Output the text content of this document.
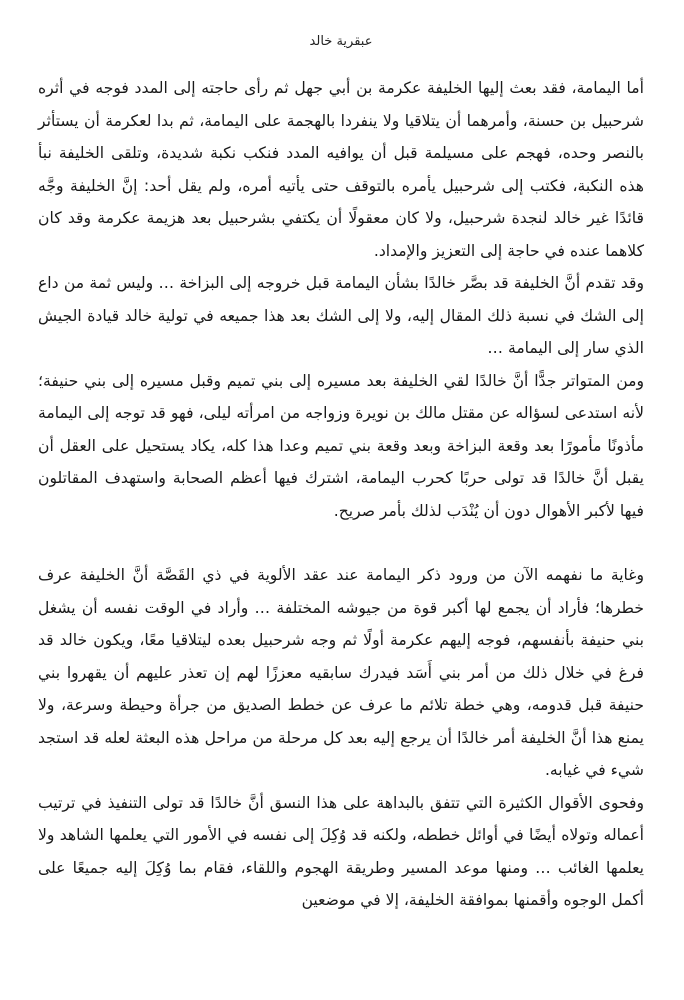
عبقرية خالد

أما اليمامة، فقد بعث إليها الخليفة عكرمة بن أبي جهل ثم رأى حاجته إلى المدد فوجه في أثره شرحبيل بن حسنة، وأمرهما أن يتلاقيا ولا ينفردا بالهجمة على اليمامة، ثم بدا لعكرمة أن يستأثر بالنصر وحده، فهجم على مسيلمة قبل أن يوافيه المدد فنكب نكبة شديدة، وتلقى الخليفة نبأ هذه النكبة، فكتب إلى شرحبيل يأمره بالتوقف حتى يأتيه أمره، ولم يقل أحد: إنَّ الخليفة وجَّه قائدًا غير خالد لنجدة شرحبيل، ولا كان معقولًا أن يكتفي بشرحبيل بعد هزيمة عكرمة وقد كان كلاهما عنده في حاجة إلى التعزيز والإمداد.

وقد تقدم أنَّ الخليفة قد بصَّر خالدًا بشأن اليمامة قبل خروجه إلى البزاخة … وليس ثمة من داع إلى الشك في نسبة ذلك المقال إليه، ولا إلى الشك بعد هذا جميعه في تولية خالد قيادة الجيش الذي سار إلى اليمامة …

ومن المتواتر جدًّا أنَّ خالدًا لقي الخليفة بعد مسيره إلى بني تميم وقبل مسيره إلى بني حنيفة؛ لأنه استدعى لسؤاله عن مقتل مالك بن نويرة وزواجه من امرأته ليلى، فهو قد توجه إلى اليمامة مأذونًا مأمورًا بعد وقعة البزاخة وبعد وقعة بني تميم وعدا هذا كله، يكاد يستحيل على العقل أن يقبل أنَّ خالدًا قد تولى حربًا كحرب اليمامة، اشترك فيها أعظم الصحابة واستهدف المقاتلون فيها لأكبر الأهوال دون أن يُنْدَب لذلك بأمر صريح.

وغاية ما نفهمه الآن من ورود ذكر اليمامة عند عقد الألوية في ذي القَصَّة أنَّ الخليفة عرف خطرها؛ فأراد أن يجمع لها أكبر قوة من جيوشه المختلفة … وأراد في الوقت نفسه أن يشغل بني حنيفة بأنفسهم، فوجه إليهم عكرمة أولًا ثم وجه شرحبيل بعده ليتلاقيا معًا، ويكون خالد قد فرغ في خلال ذلك من أمر بني أَسَد فيدرك سابقيه معززًا لهم إن تعذر عليهم أن يقهروا بني حنيفة قبل قدومه، وهي خطة تلائم ما عرف عن خطط الصديق من جرأة وحيطة وسرعة، ولا يمنع هذا أنَّ الخليفة أمر خالدًا أن يرجع إليه بعد كل مرحلة من مراحل هذه البعثة لعله قد استجد شيء في غيابه.

وفحوى الأقوال الكثيرة التي تتفق بالبداهة على هذا النسق أنَّ خالدًا قد تولى التنفيذ في ترتيب أعماله وتولاه أيضًا في أوائل خططه، ولكنه قد وُكِلَ إلى نفسه في الأمور التي يعلمها الشاهد ولا يعلمها الغائب … ومنها موعد المسير وطريقة الهجوم واللقاء، فقام بما وُكِلَ إليه جميعًا على أكمل الوجوه وأقمنها بموافقة الخليفة، إلا في موضعين
